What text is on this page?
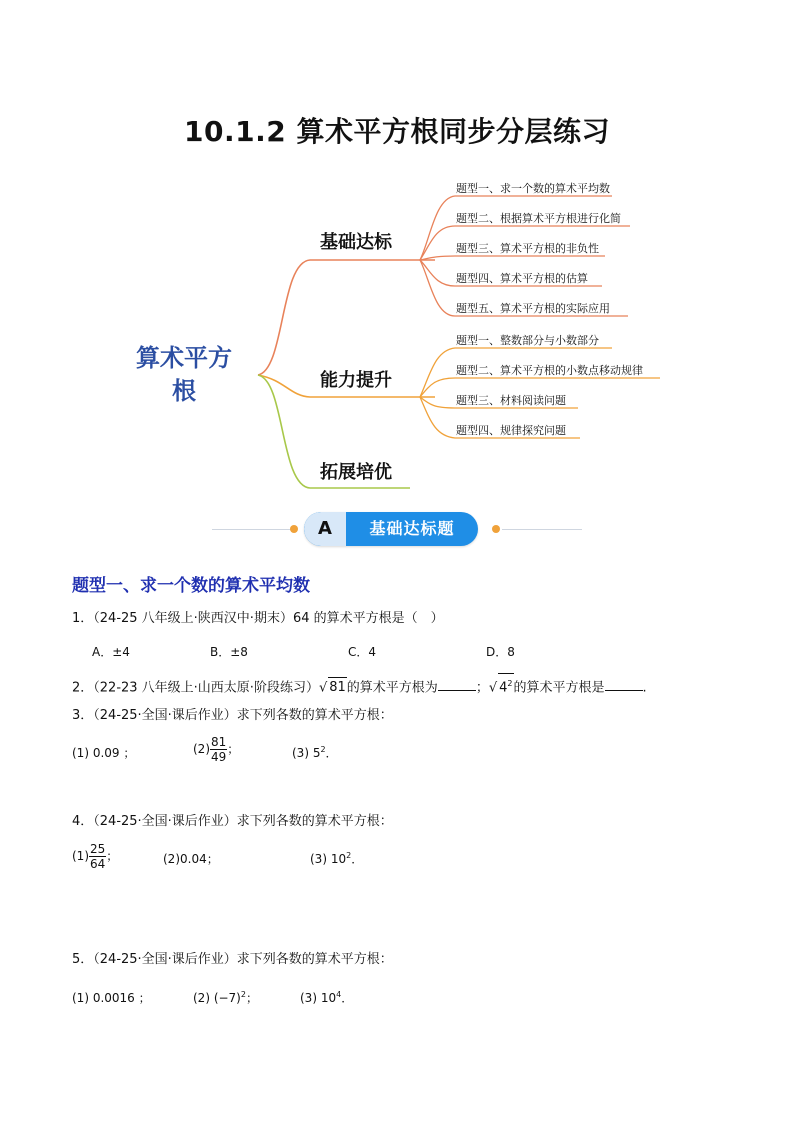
10.1.2 算术平方根同步分层练习
算术平方
根
基础达标
能力提升
拓展培优
题型一、求一个数的算术平均数
题型二、根据算术平方根进行化简
题型三、算术平方根的非负性
题型四、算术平方根的估算
题型五、算术平方根的实际应用
题型一、整数部分与小数部分
题型二、算术平方根的小数点移动规律
题型三、材料阅读问题
题型四、规律探究问题
A	基础达标题
题型一、求一个数的算术平均数
1．（24-25 八年级上·陕西汉中·期末）64 的算术平方根是（　）
A．±4	B．±8	C．4	D．8
2．（22-23 八年级上·山西太原·阶段练习）√ 81的算术平方根为	；√ $4^2$的算术平方根是	.
3．（24-25·全国·课后作业）求下列各数的算术平方根：
(1) 0.09 ；	$(2) \frac{81}{49}$ ；	(3) $5^2$．
4．（24-25·全国·课后作业）求下列各数的算术平方根：
$(1) \frac{25}{64}$ ；	(2)0.04；	(3) $10^2$．
5．（24-25·全国·课后作业）求下列各数的算术平方根：
(1) 0.0016 ；	(2) $(-7)^2$；	(3) $10^4$．
